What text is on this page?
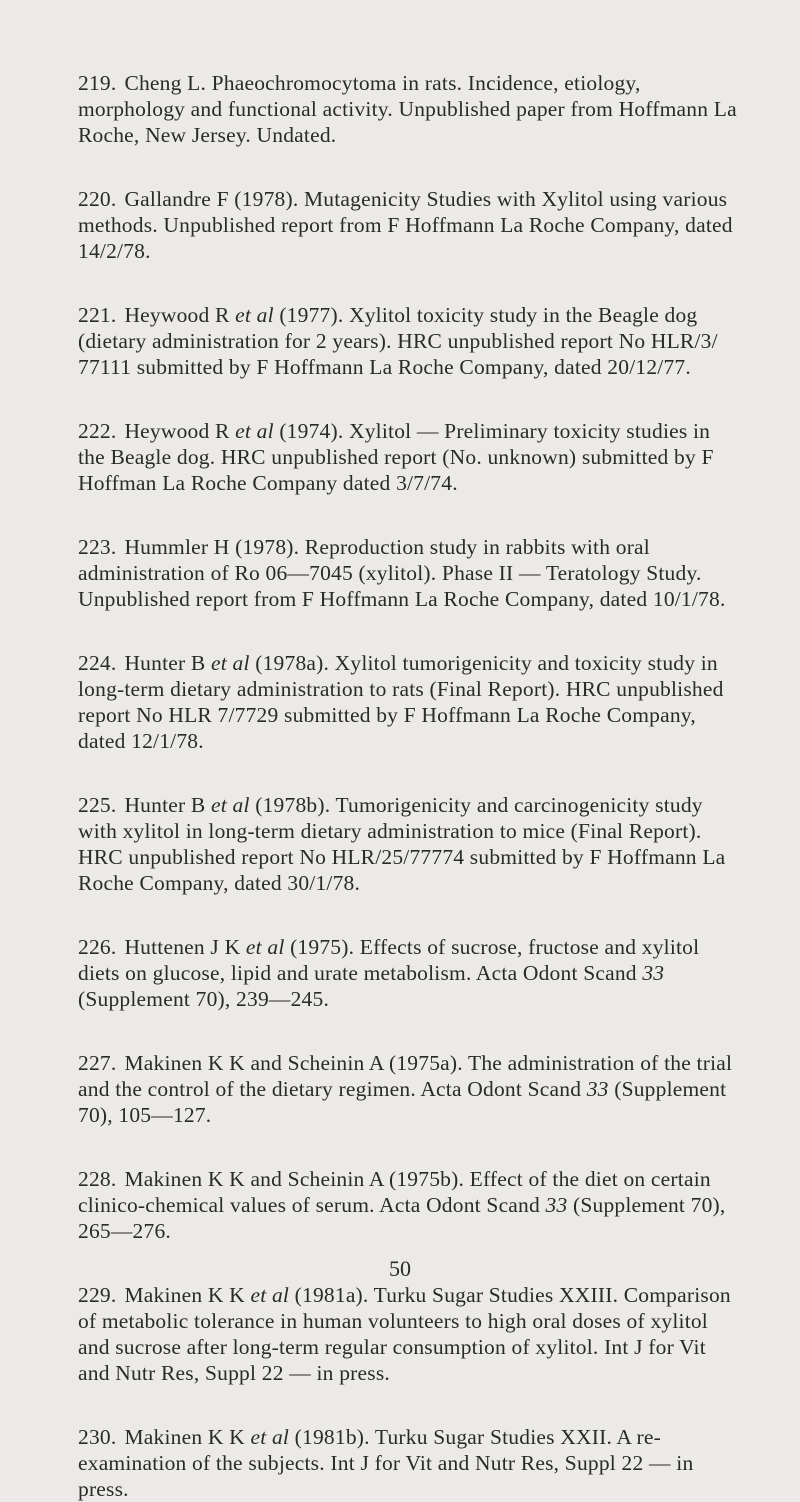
219. Cheng L. Phaeochromocytoma in rats. Incidence, etiology, morphology and functional activity. Unpublished paper from Hoffmann La Roche, New Jersey. Undated.

220. Gallandre F (1978). Mutagenicity Studies with Xylitol using various methods. Unpublished report from F Hoffmann La Roche Company, dated 14/2/78.

221. Heywood R et al (1977). Xylitol toxicity study in the Beagle dog (dietary administration for 2 years). HRC unpublished report No HLR/3/ 77111 submitted by F Hoffmann La Roche Company, dated 20/12/77.

222. Heywood R et al (1974). Xylitol — Preliminary toxicity studies in the Beagle dog. HRC unpublished report (No. unknown) submitted by F Hoffman La Roche Company dated 3/7/74.

223. Hummler H (1978). Reproduction study in rabbits with oral administration of Ro 06—7045 (xylitol). Phase II — Teratology Study. Unpublished report from F Hoffmann La Roche Company, dated 10/1/78.

224. Hunter B et al (1978a). Xylitol tumorigenicity and toxicity study in long-term dietary administration to rats (Final Report). HRC unpublished report No HLR 7/7729 submitted by F Hoffmann La Roche Company, dated 12/1/78.

225. Hunter B et al (1978b). Tumorigenicity and carcinogenicity study with xylitol in long-term dietary administration to mice (Final Report). HRC unpublished report No HLR/25/77774 submitted by F Hoffmann La Roche Company, dated 30/1/78.

226. Huttenen J K et al (1975). Effects of sucrose, fructose and xylitol diets on glucose, lipid and urate metabolism. Acta Odont Scand 33 (Supplement 70), 239—245.

227. Makinen K K and Scheinin A (1975a). The administration of the trial and the control of the dietary regimen. Acta Odont Scand 33 (Supplement 70), 105—127.

228. Makinen K K and Scheinin A (1975b). Effect of the diet on certain clinico-chemical values of serum. Acta Odont Scand 33 (Supplement 70), 265—276.

229. Makinen K K et al (1981a). Turku Sugar Studies XXIII. Comparison of metabolic tolerance in human volunteers to high oral doses of xylitol and sucrose after long-term regular consumption of xylitol. Int J for Vit and Nutr Res, Suppl 22 — in press.

230. Makinen K K et al (1981b). Turku Sugar Studies XXII. A re-examination of the subjects. Int J for Vit and Nutr Res, Suppl 22 — in press.

50
